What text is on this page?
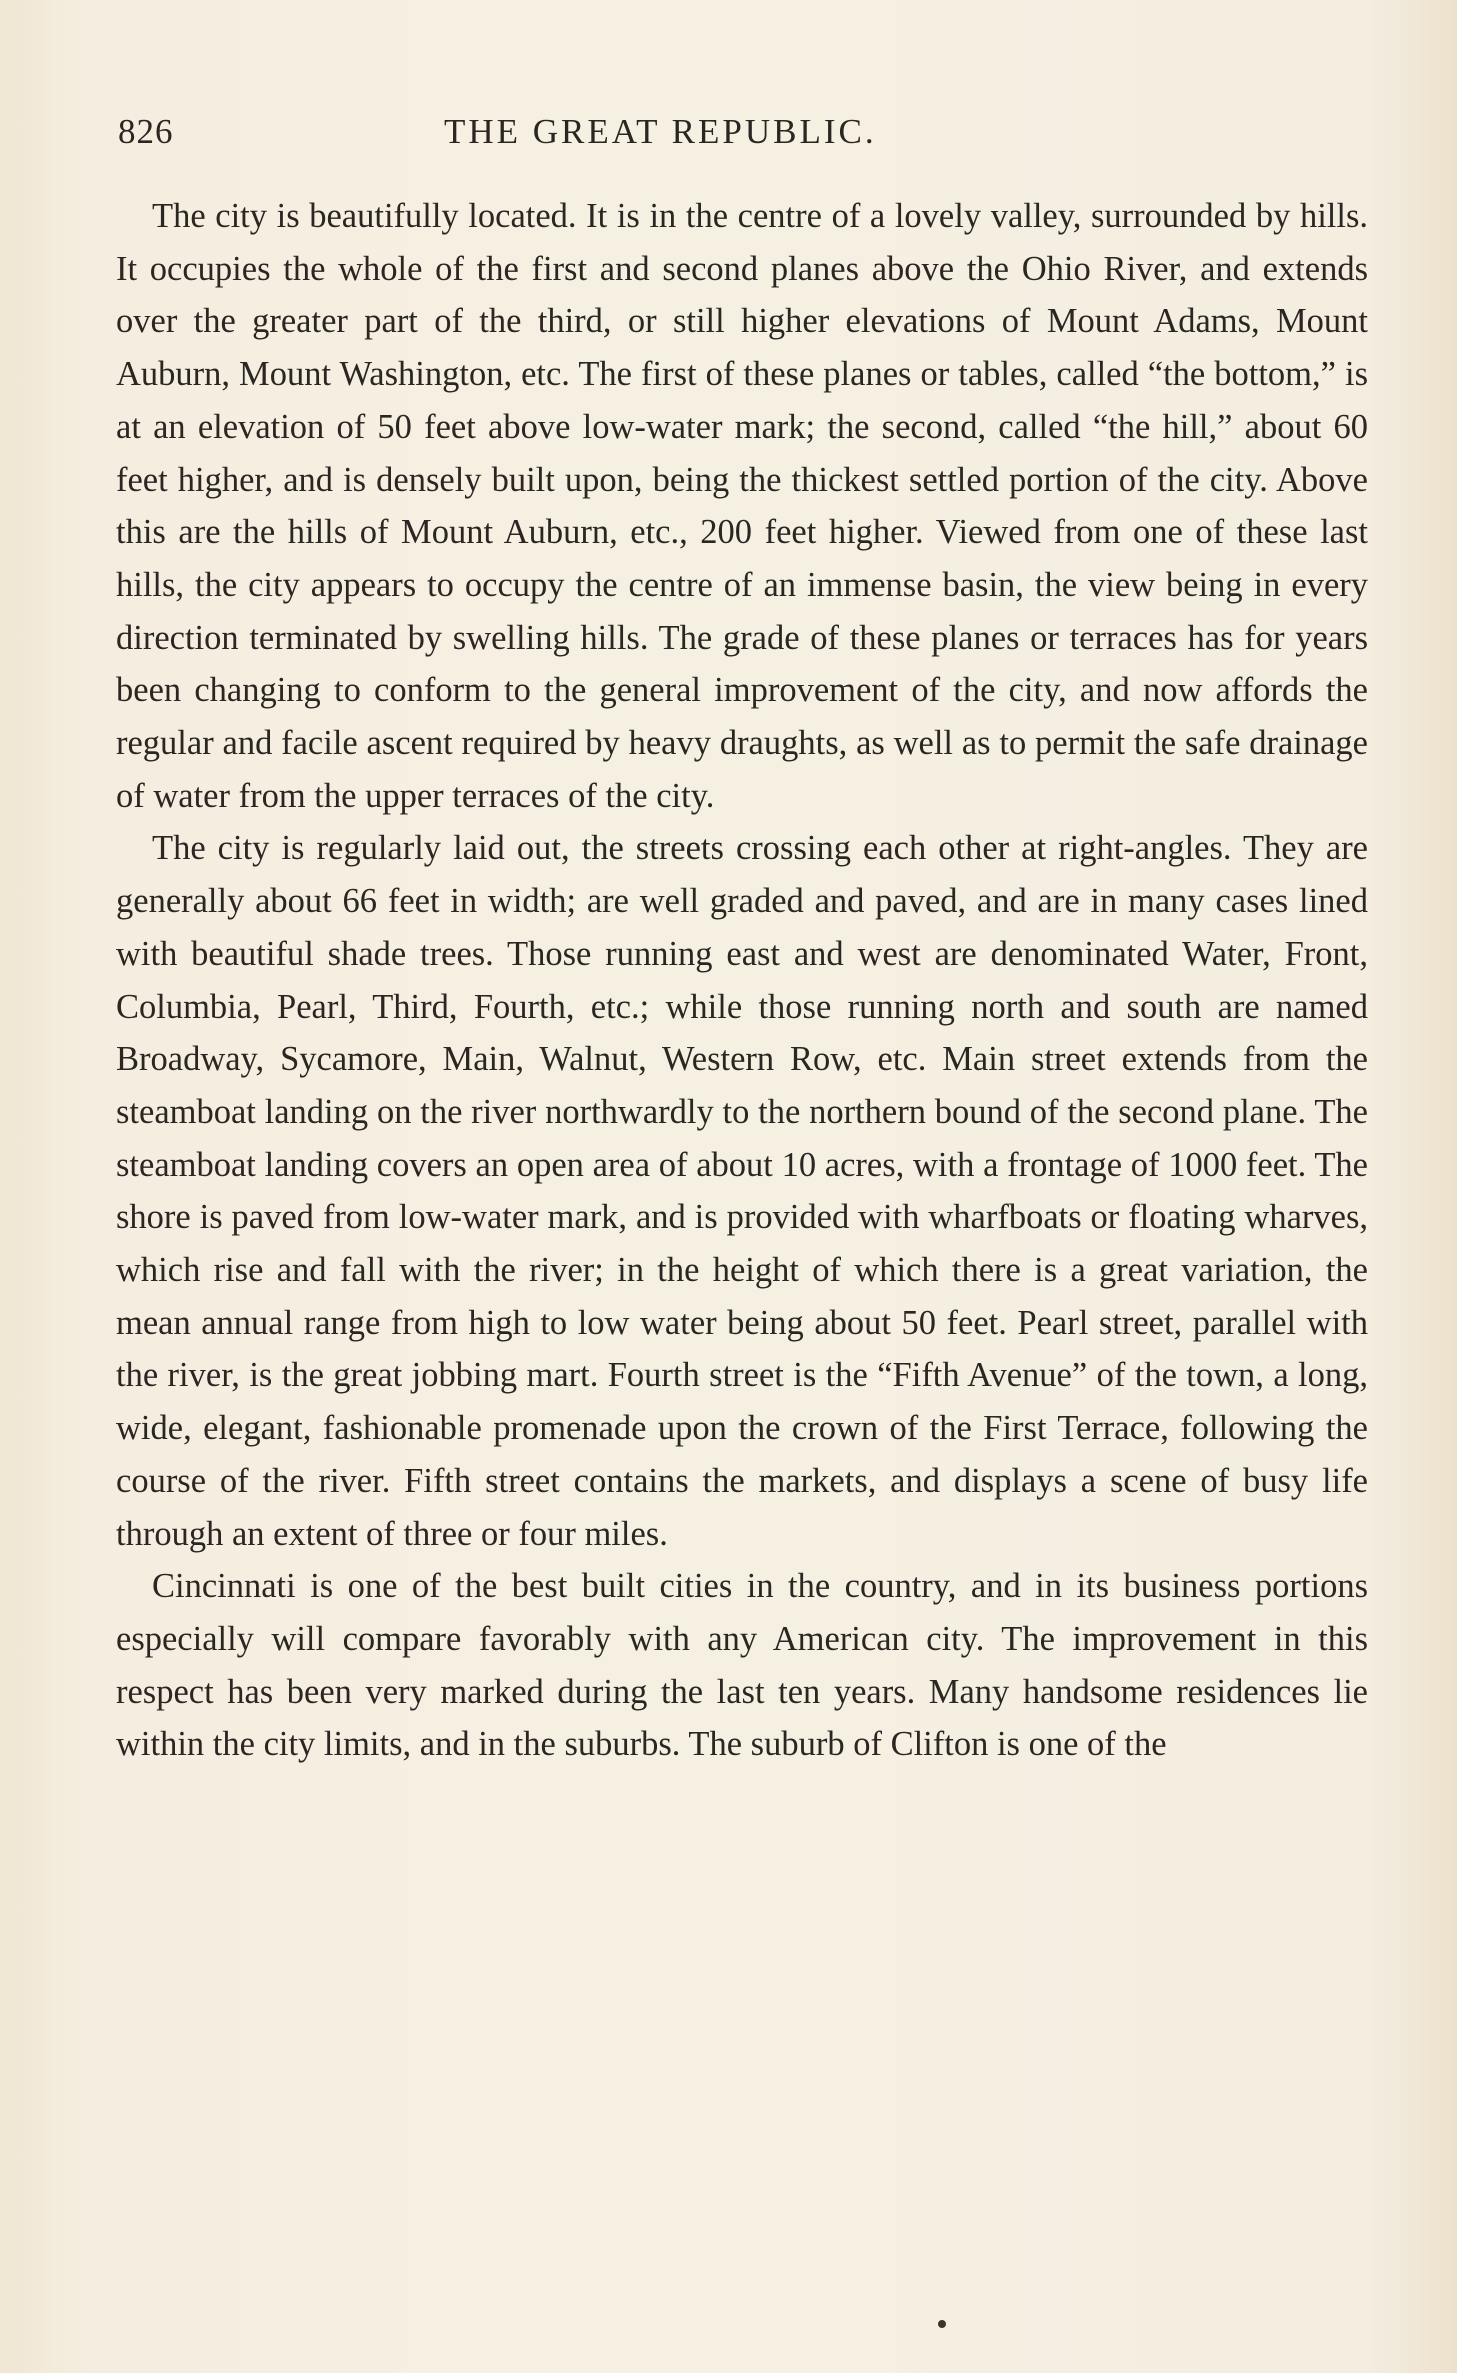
826	THE GREAT REPUBLIC.

The city is beautifully located. It is in the centre of a lovely valley, surrounded by hills. It occupies the whole of the first and second planes above the Ohio River, and extends over the greater part of the third, or still higher elevations of Mount Adams, Mount Auburn, Mount Washington, etc. The first of these planes or tables, called “the bottom,” is at an elevation of 50 feet above low-water mark; the second, called “the hill,” about 60 feet higher, and is densely built upon, being the thickest settled portion of the city. Above this are the hills of Mount Auburn, etc., 200 feet higher. Viewed from one of these last hills, the city appears to occupy the centre of an immense basin, the view being in every direction terminated by swelling hills. The grade of these planes or terraces has for years been changing to conform to the general improvement of the city, and now affords the regular and facile ascent required by heavy draughts, as well as to permit the safe drainage of water from the upper terraces of the city.

The city is regularly laid out, the streets crossing each other at right-angles. They are generally about 66 feet in width; are well graded and paved, and are in many cases lined with beautiful shade trees. Those running east and west are denominated Water, Front, Columbia, Pearl, Third, Fourth, etc.; while those running north and south are named Broadway, Sycamore, Main, Walnut, Western Row, etc. Main street extends from the steamboat landing on the river northwardly to the northern bound of the second plane. The steamboat landing covers an open area of about 10 acres, with a frontage of 1000 feet. The shore is paved from low-water mark, and is provided with wharfboats or floating wharves, which rise and fall with the river; in the height of which there is a great variation, the mean annual range from high to low water being about 50 feet. Pearl street, parallel with the river, is the great jobbing mart. Fourth street is the “Fifth Avenue” of the town, a long, wide, elegant, fashionable promenade upon the crown of the First Terrace, following the course of the river. Fifth street contains the markets, and displays a scene of busy life through an extent of three or four miles.

Cincinnati is one of the best built cities in the country, and in its business portions especially will compare favorably with any American city. The improvement in this respect has been very marked during the last ten years. Many handsome residences lie within the city limits, and in the suburbs. The suburb of Clifton is one of the
